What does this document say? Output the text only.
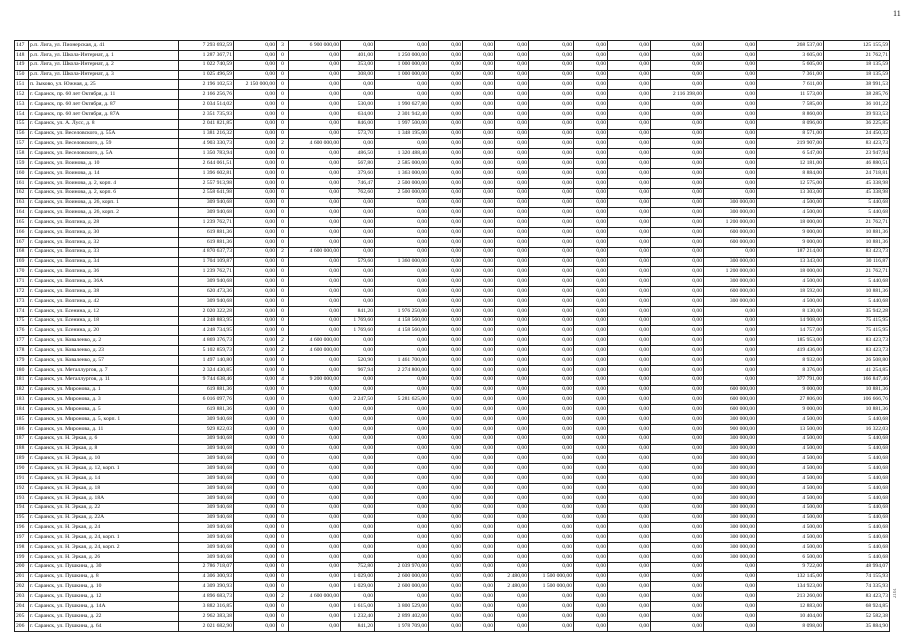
11
147	р.п. Лига, ул. Пионерская, д. 41	7 293 692,59	0,00	3	6 900 000,00	0,00	0,00	0,00	0,00	0,00	0,00	0,00	0,00	0,00	0,00	268 537,00	125 155,59
148	р.п. Лига, ул. Школа-Интернат, д. 1	1 287 367,71	0,00	0	0,00	401,00	1 250 000,00	0,00	0,00	0,00	0,00	0,00	0,00	0,00	0,00	3 605,00	21 762,71
149	р.п. Лига, ул. Школа-Интернат, д. 2	1 022 740,59	0,00	0	0,00	353,00	1 000 000,00	0,00	0,00	0,00	0,00	0,00	0,00	0,00	0,00	5 605,00	18 135,59
150	р.п. Лига, ул. Школа-Интернат, д. 3	1 025 496,59	0,00	0	0,00	308,00	1 000 000,00	0,00	0,00	0,00	0,00	0,00	0,00	0,00	0,00	7 361,00	18 135,59
151	п. Зыково, ул. Южная, д. 25	2 196 102,53	2 150 000,00	0	0,00	0,00	0,00	0,00	0,00	0,00	0,00	0,00	0,00	0,00	0,00	7 611,00	38 991,53
152	г. Саранск, пр. 60 лет Октября, д. 11	2 166 256,76	0,00	0	0,00	0,00	0,00	0,00	0,00	0,00	0,00	0,00	0,00	2 116 398,00	0,00	11 573,00	38 285,76
153	г. Саранск, пр. 60 лет Октября, д. 87	2 034 514,02	0,00	0	0,00	530,00	1 990 627,80	0,00	0,00	0,00	0,00	0,00	0,00	0,00	0,00	7 585,00	36 101,22
154	г. Саранск, пр. 60 лет Октября, д. 87А	2 351 735,93	0,00	0	0,00	634,00	2 301 942,40	0,00	0,00	0,00	0,00	0,00	0,00	0,00	0,00	8 860,00	39 933,53
155	г. Саранск, ул. А. Лусс, д. 8	2 041 821,85	0,00	0	0,00	846,00	1 997 500,00	0,00	0,00	0,00	0,00	0,00	0,00	0,00	0,00	8 096,00	36 225,85
156	г. Саранск, ул. Веселовского, д. 55А	1 381 216,32	0,00	0	0,00	573,70	1 348 195,00	0,00	0,00	0,00	0,00	0,00	0,00	0,00	0,00	8 571,00	24 450,32
157	г. Саранск, ул. Веселовского, д. 59	4 903 330,73	0,00	2	4 600 000,00	0,00	0,00	0,00	0,00	0,00	0,00	0,00	0,00	0,00	0,00	219 907,00	83 423,73
158	г. Саранск, ул. Веселовского, д. 5А	1 350 783,94	0,00	0	0,00	486,50	1 320 488,40	0,00	0,00	0,00	0,00	0,00	0,00	0,00	0,00	6 547,00	23 947,94
159	г. Саранск, ул. Воинова, д. 10	2 644 061,51	0,00	0	0,00	567,80	2 585 000,00	0,00	0,00	0,00	0,00	0,00	0,00	0,00	0,00	12 181,00	46 880,51
160	г. Саранск, ул. Воинова, д. 14	1 396 602,81	0,00	0	0,00	379,60	1 363 000,00	0,00	0,00	0,00	0,00	0,00	0,00	0,00	0,00	8 884,00	24 718,81
161	г. Саранск, ул. Воинова, д. 2, корп. 4	2 557 913,98	0,00	0	0,00	746,47	2 500 000,00	0,00	0,00	0,00	0,00	0,00	0,00	0,00	0,00	12 575,00	45 338,98
162	г. Саранск, ул. Воинова, д. 2, корп. 6	2 558 641,98	0,00	0	0,00	762,60	2 500 000,00	0,00	0,00	0,00	0,00	0,00	0,00	0,00	0,00	13 303,00	45 338,98
163	г. Саранск, ул. Воинова, д. 26, корп. 1	309 940,68	0,00	0	0,00	0,00	0,00	0,00	0,00	0,00	0,00	0,00	0,00	0,00	300 000,00	4 500,00	5 440,68
164	г. Саранск, ул. Воинова, д. 26, корп. 2	309 940,68	0,00	0	0,00	0,00	0,00	0,00	0,00	0,00	0,00	0,00	0,00	0,00	300 000,00	4 500,00	5 440,68
165	г. Саранск, ул. Волгина, д. 28	1 239 762,71	0,00	0	0,00	0,00	0,00	0,00	0,00	0,00	0,00	0,00	0,00	0,00	1 200 000,00	18 000,00	21 762,71
166	г. Саранск, ул. Волгина, д. 30	619 881,36	0,00	0	0,00	0,00	0,00	0,00	0,00	0,00	0,00	0,00	0,00	0,00	600 000,00	9 000,00	10 881,36
167	г. Саранск, ул. Волгина, д. 32	619 881,36	0,00	0	0,00	0,00	0,00	0,00	0,00	0,00	0,00	0,00	0,00	0,00	600 000,00	9 000,00	10 881,36
168	г. Саранск, ул. Волгина, д. 33	4 870 637,73	0,00	2	4 600 000,00	0,00	0,00	0,00	0,00	0,00	0,00	0,00	0,00	0,00	0,00	187 214,00	83 423,73
169	г. Саранск, ул. Волгина, д. 34	1 704 109,87	0,00	0	0,00	579,60	1 360 000,00	0,00	0,00	0,00	0,00	0,00	0,00	0,00	300 000,00	13 343,00	30 116,87
170	г. Саранск, ул. Волгина, д. 36	1 239 762,71	0,00	0	0,00	0,00	0,00	0,00	0,00	0,00	0,00	0,00	0,00	0,00	1 200 000,00	18 000,00	21 762,71
171	г. Саранск, ул. Волгина, д. 36А	309 940,68	0,00	0	0,00	0,00	0,00	0,00	0,00	0,00	0,00	0,00	0,00	0,00	300 000,00	4 500,00	5 440,68
172	г. Саранск, ул. Волгина, д. 38	620 473,36	0,00	0	0,00	0,00	0,00	0,00	0,00	0,00	0,00	0,00	0,00	0,00	600 000,00	18 592,00	10 881,36
173	г. Саранск, ул. Волгина, д. 42	309 940,68	0,00	0	0,00	0,00	0,00	0,00	0,00	0,00	0,00	0,00	0,00	0,00	300 000,00	4 500,00	5 440,68
174	г. Саранск, ул. Есенина, д. 12	2 020 322,28	0,00	0	0,00	841,20	1 976 250,00	0,00	0,00	0,00	0,00	0,00	0,00	0,00	0,00	8 130,00	35 942,28
175	г. Саранск, ул. Есенина, д. 18	4 248 883,95	0,00	0	0,00	1 769,60	4 158 560,00	0,00	0,00	0,00	0,00	0,00	0,00	0,00	0,00	14 908,00	75 415,95
176	г. Саранск, ул. Есенина, д. 20	4 248 734,95	0,00	0	0,00	1 769,60	4 158 560,00	0,00	0,00	0,00	0,00	0,00	0,00	0,00	0,00	14 757,00	75 415,95
177	г. Саранск, ул. Коваленко, д. 2	4 869 376,73	0,00	2	4 600 000,00	0,00	0,00	0,00	0,00	0,00	0,00	0,00	0,00	0,00	0,00	185 953,00	83 423,73
178	г. Саранск, ул. Коваленко, д. 23	5 102 859,73	0,00	2	4 600 000,00	0,00	0,00	0,00	0,00	0,00	0,00	0,00	0,00	0,00	0,00	419 436,00	83 423,73
179	г. Саранск, ул. Коваленко, д. 57	1 497 140,80	0,00	0	0,00	520,90	1 461 700,00	0,00	0,00	0,00	0,00	0,00	0,00	0,00	0,00	8 932,00	26 508,80
180	г. Саранск, ул. Металлургов, д. 7	2 324 430,85	0,00	0	0,00	967,94	2 274 800,00	0,00	0,00	0,00	0,00	0,00	0,00	0,00	0,00	8 376,00	41 254,85
181	г. Саранск, ул. Металлургов, д. 11	9 744 638,46	0,00	4	9 200 000,00	0,00	0,00	0,00	0,00	0,00	0,00	0,00	0,00	0,00	0,00	377 791,00	166 847,46
182	г. Саранск, ул. Миронова, д. 1	619 881,36	0,00	0	0,00	0,00	0,00	0,00	0,00	0,00	0,00	0,00	0,00	0,00	600 000,00	9 000,00	10 881,36
183	г. Саранск, ул. Миронова, д. 3	6 016 097,76	0,00	0	0,00	2 247,50	5 281 625,00	0,00	0,00	0,00	0,00	0,00	0,00	0,00	600 000,00	27 806,00	106 666,76
184	г. Саранск, ул. Миронова, д. 5	619 881,36	0,00	0	0,00	0,00	0,00	0,00	0,00	0,00	0,00	0,00	0,00	0,00	600 000,00	9 000,00	10 881,36
185	г. Саранск, ул. Миронова, д. 5, корп. 1	309 940,68	0,00	0	0,00	0,00	0,00	0,00	0,00	0,00	0,00	0,00	0,00	0,00	300 000,00	4 500,00	5 440,68
186	г. Саранск, ул. Миронова, д. 11	929 822,03	0,00	0	0,00	0,00	0,00	0,00	0,00	0,00	0,00	0,00	0,00	0,00	900 000,00	13 500,00	16 322,03
187	г. Саранск, ул. Н. Эркая, д. 6	309 940,68	0,00	0	0,00	0,00	0,00	0,00	0,00	0,00	0,00	0,00	0,00	0,00	300 000,00	4 500,00	5 440,68
188	г. Саранск, ул. Н. Эркая, д. 8	309 940,68	0,00	0	0,00	0,00	0,00	0,00	0,00	0,00	0,00	0,00	0,00	0,00	300 000,00	4 500,00	5 440,68
189	г. Саранск, ул. Н. Эркая, д. 10	309 940,68	0,00	0	0,00	0,00	0,00	0,00	0,00	0,00	0,00	0,00	0,00	0,00	300 000,00	4 500,00	5 440,68
190	г. Саранск, ул. Н. Эркая, д. 12, корп. 1	309 940,68	0,00	0	0,00	0,00	0,00	0,00	0,00	0,00	0,00	0,00	0,00	0,00	300 000,00	4 500,00	5 440,68
191	г. Саранск, ул. Н. Эркая, д. 14	309 940,68	0,00	0	0,00	0,00	0,00	0,00	0,00	0,00	0,00	0,00	0,00	0,00	300 000,00	4 500,00	5 440,68
192	г. Саранск, ул. Н. Эркая, д. 18	309 940,68	0,00	0	0,00	0,00	0,00	0,00	0,00	0,00	0,00	0,00	0,00	0,00	300 000,00	4 500,00	5 440,68
193	г. Саранск, ул. Н. Эркая, д. 18А	309 940,68	0,00	0	0,00	0,00	0,00	0,00	0,00	0,00	0,00	0,00	0,00	0,00	300 000,00	4 500,00	5 440,68
194	г. Саранск, ул. Н. Эркая, д. 22	309 940,68	0,00	0	0,00	0,00	0,00	0,00	0,00	0,00	0,00	0,00	0,00	0,00	300 000,00	4 500,00	5 440,68
195	г. Саранск, ул. Н. Эркая, д. 22А	309 940,68	0,00	0	0,00	0,00	0,00	0,00	0,00	0,00	0,00	0,00	0,00	0,00	300 000,00	4 500,00	5 440,68
196	г. Саранск, ул. Н. Эркая, д. 24	309 940,68	0,00	0	0,00	0,00	0,00	0,00	0,00	0,00	0,00	0,00	0,00	0,00	300 000,00	4 500,00	5 440,68
197	г. Саранск, ул. Н. Эркая, д. 24, корп. 1	309 940,68	0,00	0	0,00	0,00	0,00	0,00	0,00	0,00	0,00	0,00	0,00	0,00	300 000,00	4 500,00	5 440,68
198	г. Саранск, ул. Н. Эркая, д. 24, корп. 2	309 940,68	0,00	0	0,00	0,00	0,00	0,00	0,00	0,00	0,00	0,00	0,00	0,00	300 000,00	4 500,00	5 440,68
199	г. Саранск, ул. Н. Эркая, д. 26	309 940,68	0,00	0	0,00	0,00	0,00	0,00	0,00	0,00	0,00	0,00	0,00	0,00	300 000,00	6 500,00	5 440,68
200	г. Саранск, ул. Пушкина, д. 30	2 786 718,07	0,00	0	0,00	752,80	2 039 970,00	0,00	0,00	0,00	0,00	0,00	0,00	0,00	0,00	9 722,00	48 994,07
201	г. Саранск, ул. Пушкина, д. 8	4 306 300,93	0,00	0	0,00	1 029,00	2 600 000,00	0,00	0,00	2 480,00	1 500 000,00	0,00	0,00	0,00	0,00	132 145,00	74 155,93
202	г. Саранск, ул. Пушкина, д. 10	4 309 390,93	0,00	0	0,00	1 029,00	2 600 000,00	0,00	0,00	2 480,00	1 500 000,00	0,00	0,00	0,00	0,00	134 923,00	74 335,93
203	г. Саранск, ул. Пушкина, д. 12	4 896 683,73	0,00	2	4 600 000,00	0,00	0,00	0,00	0,00	0,00	0,00	0,00	0,00	0,00	0,00	213 260,00	83 423,73
204	г. Саранск, ул. Пушкина, д. 14А	3 882 316,85	0,00	0	0,00	1 615,00	3 800 529,00	0,00	0,00	0,00	0,00	0,00	0,00	0,00	0,00	12 883,00	68 924,85
205	г. Саранск, ул. Пушкина, д. 22	2 962 383,38	0,00	0	0,00	1 232,40	2 899 402,00	0,00	0,00	0,00	0,00	0,00	0,00	0,00	0,00	10 404,00	52 582,38
206	г. Саранск, ул. Пушкина, д. 64	2 021 682,90	0,00	0	0,00	841,20	1 978 709,00	0,00	0,00	0,00	0,00	0,00	0,00	0,00	0,00	8 098,00	35 884,90
2161
